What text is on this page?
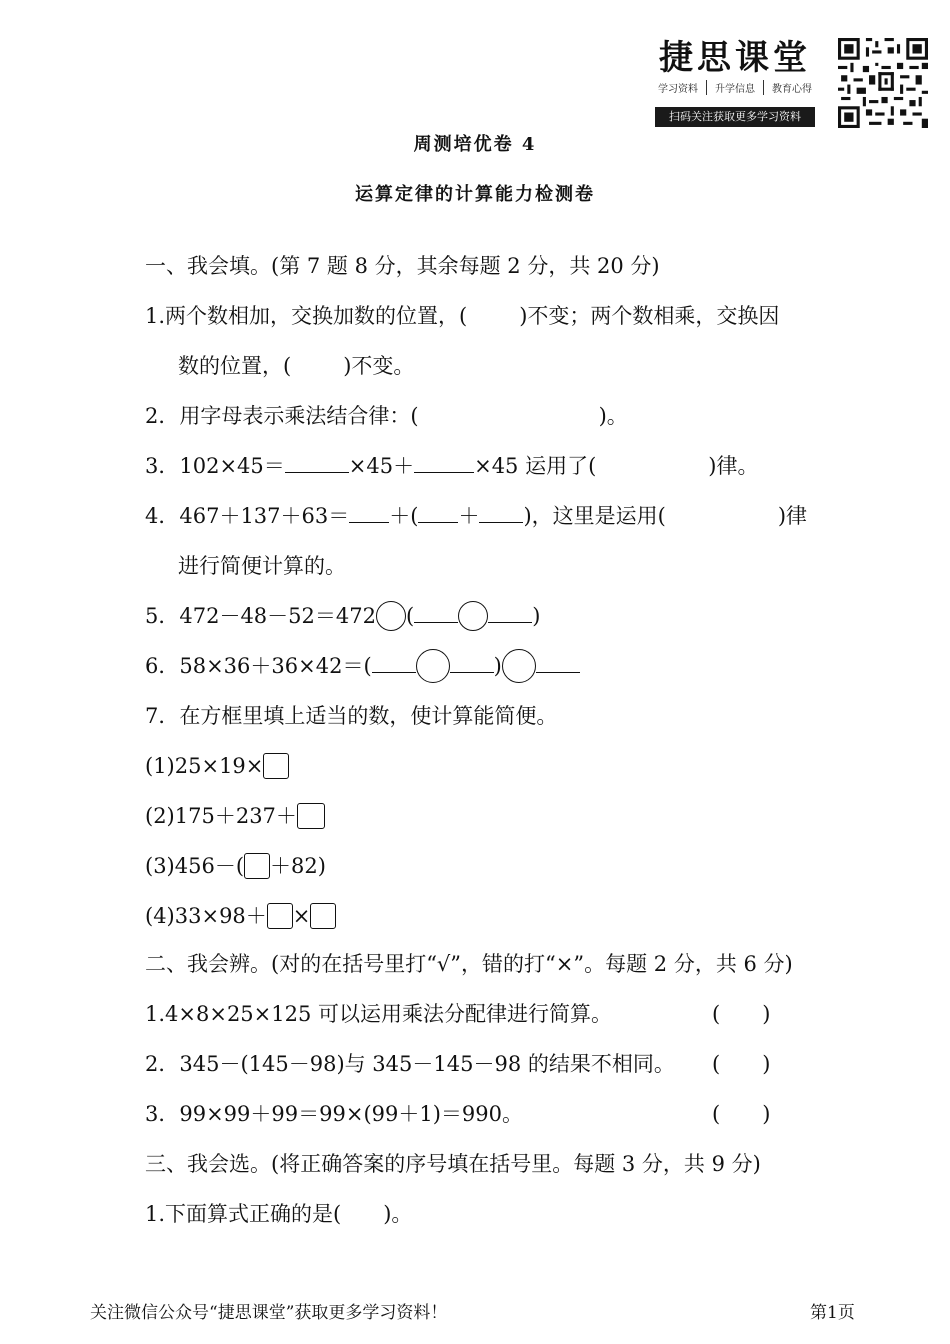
捷思课堂
学习资料	升学信息	教育心得
扫码关注获取更多学习资料
周测培优卷 4
运算定律的计算能力检测卷
一、我会填。(第 7 题 8 分，其余每题 2 分，共 20 分)
1.两个数相加，交换加数的位置，( )不变；两个数相乘，交换因
数的位置，( )不变。
2．用字母表示乘法结合律：(	)。
3．102×45＝	×45＋	×45 运用了(	)律。
4．467＋137＋63＝ ＋( ＋ )，这里是运用(	)律
进行简便计算的。
5．472－48－52＝472 (	)
6．58×36＋36×42＝(	)
7．在方框里填上适当的数，使计算能简便。
(1)25×19×
(2)175＋237＋
(3)456－( ＋82)
(4)33×98＋ ×
二、我会辨。(对的在括号里打“√”，错的打“×”。每题 2 分，共 6 分)
1.4×8×25×125 可以运用乘法分配律进行简算。	(　　)
2．345－(145－98)与 345－145－98 的结果不相同。 (　　)
3．99×99＋99＝99×(99＋1)＝990。	(　　)
三、我会选。(将正确答案的序号填在括号里。每题 3 分，共 9 分)
1.下面算式正确的是(　　)。
关注微信公众号“捷思课堂”获取更多学习资料！	第1页
